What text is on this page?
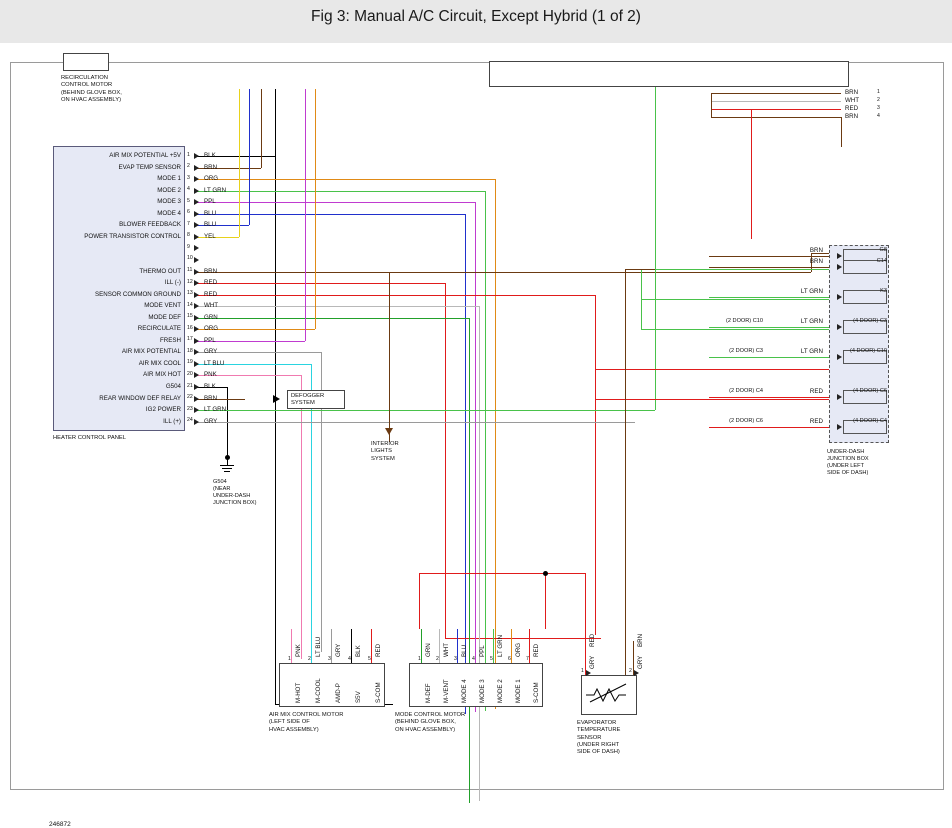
Fig 3: Manual A/C Circuit, Except Hybrid (1 of 2)
HEATER CONTROL PANEL
AIR MIX POTENTIAL +5V 1 BLK
EVAP TEMP SENSOR 2 BRN
MODE 1 3 ORG
MODE 2 4 LT GRN
MODE 3 5 PPL
MODE 4 6 BLU
BLOWER FEEDBACK 7 BLU
POWER TRANSISTOR CONTROL 8 YEL
9
10
THERMO OUT 11 BRN
ILL (-) 12 RED
SENSOR COMMON GROUND 13 RED
MODE VENT 14 WHT
MODE DEF 15 GRN
RECIRCULATE 16 ORG
FRESH 17 PPL
AIR MIX POTENTIAL 18 GRY
AIR MIX COOL 19 LT BLU
AIR MIX HOT 20 PNK
G504 21 BLK
REAR WINDOW DEF RELAY 22 BRN
IG2 POWER 23 LT GRN
ILL (+) 24 GRY
RECIRCULATION
CONTROL MOTOR
(BEHIND GLOVE BOX,
ON HVAC ASSEMBLY)
G504
(NEAR
UNDER-DASH
JUNCTION BOX)
DEFOGGER
SYSTEM
INTERIOR
LIGHTS
SYSTEM
BRN	1
WHT	2
RED	3
BRN	4
UNDER-DASH
JUNCTION BOX
(UNDER LEFT
SIDE OF DASH)
BRN	G8
BRN	C14
LT GRN	K3
LT GRN
(2 DOOR) C10	(4 DOOR) C3
LT GRN
(2 DOOR) C3	(4 DOOR) C10
RED
(2 DOOR) C4	(4 DOOR) C6
RED
(2 DOOR) C6	(4 DOOR) C4
AIR MIX CONTROL MOTOR
(LEFT SIDE OF
HVAC ASSEMBLY)
PNK
M-HOT
1
LT BLU
M-COOL
2
GRY
AMD-P
3
BLK
S5V
4
RED
S-COM
5
MODE CONTROL MOTOR
(BEHIND GLOVE BOX,
ON HVAC ASSEMBLY)
GRN
M-DEF
1
WHT
M-VENT
2
BLU
MODE 4
3
PPL
MODE 3
4
LT GRN
MODE 2
5
ORG
MODE 1
6
RED
S-COM
7
EVAPORATOR
TEMPERATURE
SENSOR
(UNDER RIGHT
SIDE OF DASH)
GRY
RED
1
GRY
BRN
2
246872
